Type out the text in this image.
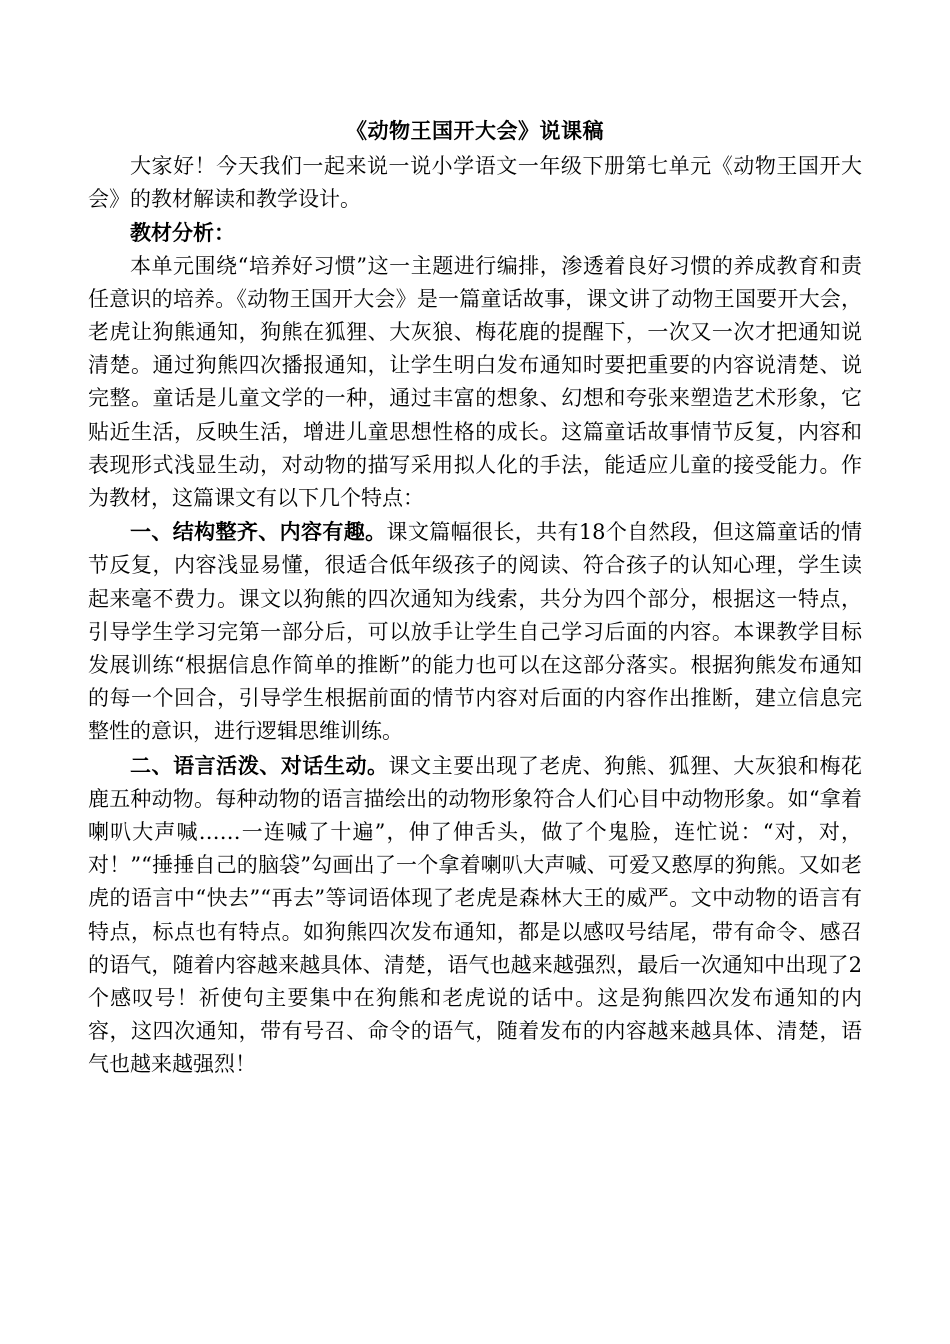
《动物王国开大会》说课稿

大家好！今天我们一起来说一说小学语文一年级下册第七单元《动物王国开大会》的教材解读和教学设计。

教材分析：

本单元围绕“培养好习惯”这一主题进行编排，渗透着良好习惯的养成教育和责任意识的培养。《动物王国开大会》是一篇童话故事，课文讲了动物王国要开大会，老虎让狗熊通知，狗熊在狐狸、大灰狼、梅花鹿的提醒下，一次又一次才把通知说清楚。通过狗熊四次播报通知，让学生明白发布通知时要把重要的内容说清楚、说完整。童话是儿童文学的一种，通过丰富的想象、幻想和夸张来塑造艺术形象，它贴近生活，反映生活，增进儿童思想性格的成长。这篇童话故事情节反复，内容和表现形式浅显生动，对动物的描写采用拟人化的手法，能适应儿童的接受能力。作为教材，这篇课文有以下几个特点：

一、结构整齐、内容有趣。课文篇幅很长，共有18个自然段，但这篇童话的情节反复，内容浅显易懂，很适合低年级孩子的阅读、符合孩子的认知心理，学生读起来毫不费力。课文以狗熊的四次通知为线索，共分为四个部分，根据这一特点，引导学生学习完第一部分后，可以放手让学生自己学习后面的内容。本课教学目标发展训练“根据信息作简单的推断”的能力也可以在这部分落实。根据狗熊发布通知的每一个回合，引导学生根据前面的情节内容对后面的内容作出推断，建立信息完整性的意识，进行逻辑思维训练。

二、语言活泼、对话生动。课文主要出现了老虎、狗熊、狐狸、大灰狼和梅花鹿五种动物。每种动物的语言描绘出的动物形象符合人们心目中动物形象。如“拿着喇叭大声喊……一连喊了十遍”，伸了伸舌头，做了个鬼脸，连忙说：“对，对，对！”“捶捶自己的脑袋”勾画出了一个拿着喇叭大声喊、可爱又憨厚的狗熊。又如老虎的语言中“快去”“再去”等词语体现了老虎是森林大王的威严。文中动物的语言有特点，标点也有特点。如狗熊四次发布通知，都是以感叹号结尾，带有命令、感召的语气，随着内容越来越具体、清楚，语气也越来越强烈，最后一次通知中出现了2个感叹号！祈使句主要集中在狗熊和老虎说的话中。这是狗熊四次发布通知的内容，这四次通知，带有号召、命令的语气，随着发布的内容越来越具体、清楚，语气也越来越强烈！
